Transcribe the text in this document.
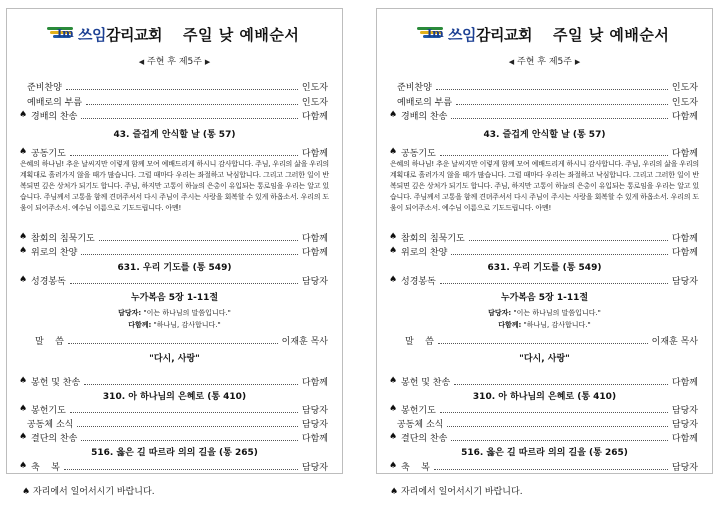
Im 쓰임감리교회 주일 낮 예배순서
◀ 주현 후 제5주 ▶
준비찬양	인도자
예배로의 부름	인도자
♠ 경배의 찬송	다함께
43. 즐겁게 안식할 날 (통 57)
♠ 공동기도	다함께
은혜의 하나님! 추운 날씨지만 이렇게 함께 모여 예배드리게 하시니 감사합니다. 주님, 우리의 삶을 우리의 계획대로 흘러가지 않을 때가 많습니다. 그럴 때마다 우리는 좌절하고 낙심합니다. 그리고 그러한 일이 반복되면 깊은 상처가 되기도 합니다. 주님, 하지만 고통이 하늘의 은총이 유입되는 통로임을 우리는 알고 있습니다. 주님께서 고통을 함께 견뎌주셔서 다시 주님이 주시는 사랑을 회복할 수 있게 하옵소서. 우리의 도움이 되어주소서. 예수님 이름으로 기도드립니다. 아멘!
♠ 참회의 침묵기도	다함께
♠ 위로의 찬양	다함께
631. 우리 기도를 (통 549)
♠ 성경봉독	담당자
누가복음 5장 1-11절
담당자: "이는 하나님의 말씀입니다."
다함께: "하나님, 감사합니다."
말    씀	이재훈 목사
"다시, 사랑"
♠ 봉헌 및 찬송	다함께
310. 아 하나님의 은혜로 (통 410)
♠ 봉헌기도	담당자
공동체 소식	담당자
♠ 결단의 찬송	다함께
516. 옳은 길 따르라 의의 길을 (통 265)
♠ 축    복	담당자
Im 쓰임감리교회 주일 낮 예배순서
◀ 주현 후 제5주 ▶
준비찬양	인도자
예배로의 부름	인도자
♠ 경배의 찬송	다함께
43. 즐겁게 안식할 날 (통 57)
♠ 공동기도	다함께
은혜의 하나님! 추운 날씨지만 이렇게 함께 모여 예배드리게 하시니 감사합니다. 주님, 우리의 삶을 우리의 계획대로 흘러가지 않을 때가 많습니다. 그럴 때마다 우리는 좌절하고 낙심합니다. 그리고 그러한 일이 반복되면 깊은 상처가 되기도 합니다. 주님, 하지만 고통이 하늘의 은총이 유입되는 통로임을 우리는 알고 있습니다. 주님께서 고통을 함께 견뎌주셔서 다시 주님이 주시는 사랑을 회복할 수 있게 하옵소서. 우리의 도움이 되어주소서. 예수님 이름으로 기도드립니다. 아멘!
♠ 참회의 침묵기도	다함께
♠ 위로의 찬양	다함께
631. 우리 기도를 (통 549)
♠ 성경봉독	담당자
누가복음 5장 1-11절
담당자: "이는 하나님의 말씀입니다."
다함께: "하나님, 감사합니다."
말    씀	이재훈 목사
"다시, 사랑"
♠ 봉헌 및 찬송	다함께
310. 아 하나님의 은혜로 (통 410)
♠ 봉헌기도	담당자
공동체 소식	담당자
♠ 결단의 찬송	다함께
516. 옳은 길 따르라 의의 길을 (통 265)
♠ 축    복	담당자
♠ 자리에서 일어서시기 바랍니다.	♠ 자리에서 일어서시기 바랍니다.
